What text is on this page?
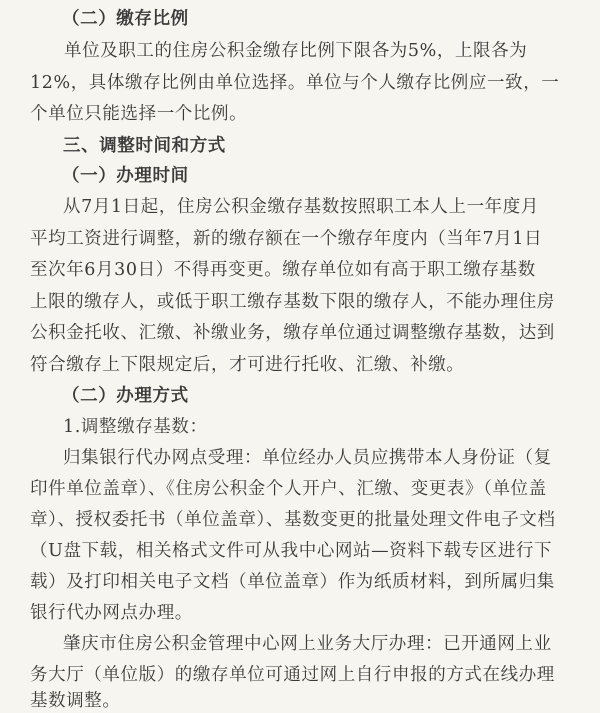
（二）缴存比例
单位及职工的住房公积金缴存比例下限各为5%，上限各为
12%，具体缴存比例由单位选择。单位与个人缴存比例应一致，一
个单位只能选择一个比例。
三、调整时间和方式
（一）办理时间
从7月1日起，住房公积金缴存基数按照职工本人上一年度月
平均工资进行调整，新的缴存额在一个缴存年度内（当年7月1日
至次年6月30日）不得再变更。缴存单位如有高于职工缴存基数
上限的缴存人，或低于职工缴存基数下限的缴存人，不能办理住房
公积金托收、汇缴、补缴业务，缴存单位通过调整缴存基数，达到
符合缴存上下限规定后，才可进行托收、汇缴、补缴。
（二）办理方式
1.调整缴存基数：
归集银行代办网点受理：单位经办人员应携带本人身份证（复
印件单位盖章）、《住房公积金个人开户、汇缴、变更表》（单位盖
章）、授权委托书（单位盖章）、基数变更的批量处理文件电子文档
（U盘下载，相关格式文件可从我中心网站—资料下载专区进行下
载）及打印相关电子文档（单位盖章）作为纸质材料，到所属归集
银行代办网点办理。
肇庆市住房公积金管理中心网上业务大厅办理：已开通网上业
务大厅（单位版）的缴存单位可通过网上自行申报的方式在线办理
基数调整。
